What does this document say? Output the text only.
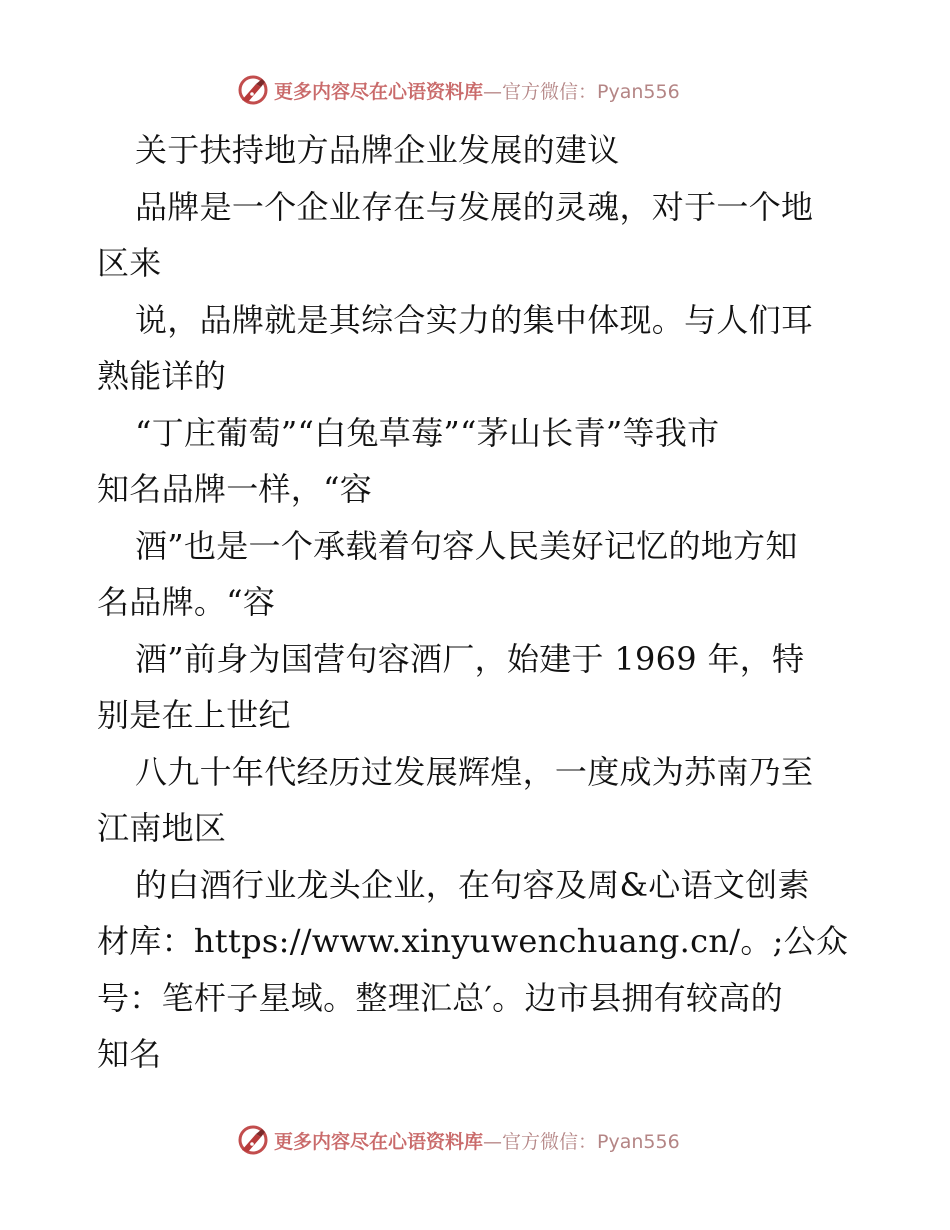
更多内容尽在心语资料库—官方微信：Pyan556
关于扶持地方品牌企业发展的建议
品牌是一个企业存在与发展的灵魂，对于一个地
区来
说，品牌就是其综合实力的集中体现。与人们耳
熟能详的
“丁庄葡萄”“白兔草莓”“茅山长青”等我市
知名品牌一样，“容
酒”也是一个承载着句容人民美好记忆的地方知
名品牌。“容
酒”前身为国营句容酒厂，始建于 1969 年，特
别是在上世纪
八九十年代经历过发展辉煌，一度成为苏南乃至
江南地区
的白酒行业龙头企业，在句容及周&心语文创素
材库：https://www.xinyuwenchuang.cn/。;公众
号：笔杆子星域。整理汇总′。边市县拥有较高的
知名
更多内容尽在心语资料库—官方微信：Pyan556
